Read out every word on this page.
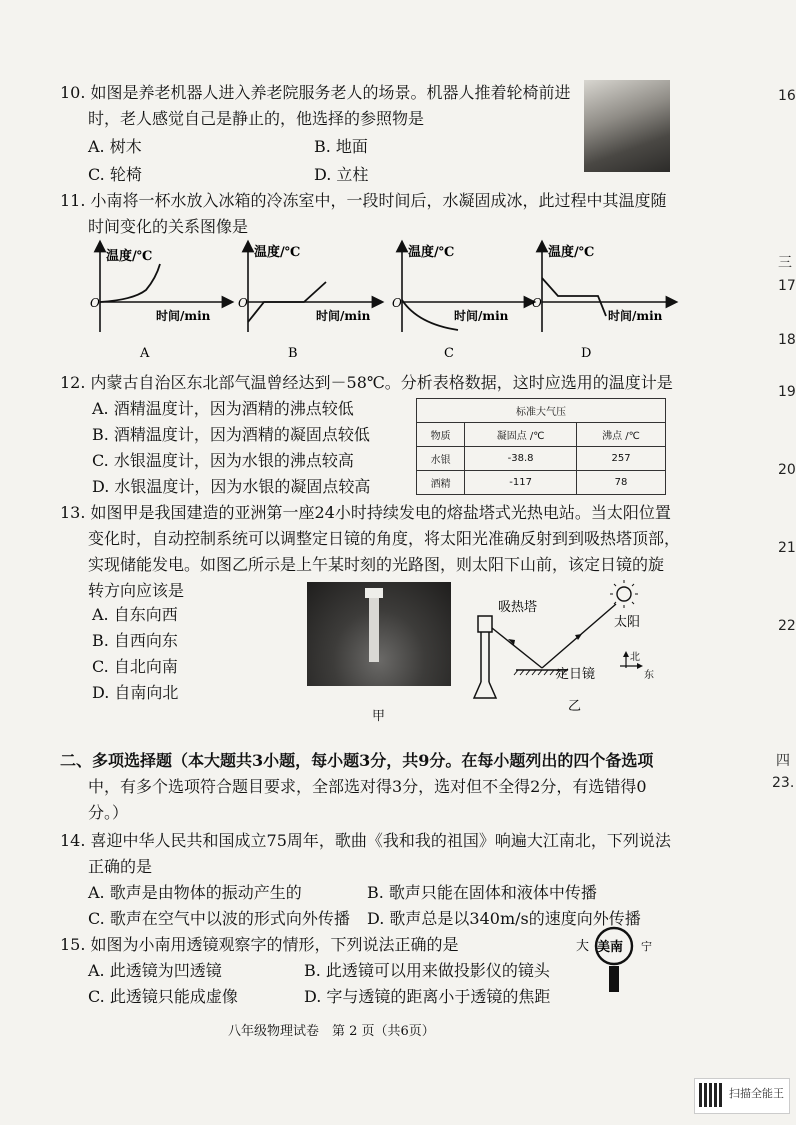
10. 如图是养老机器人进入养老院服务老人的场景。机器人推着轮椅前进
时，老人感觉自己是静止的，他选择的参照物是
A. 树木	B. 地面
C. 轮椅	D. 立柱
11. 小南将一杯水放入冰箱的冷冻室中，一段时间后，水凝固成冰，此过程中其温度随
时间变化的关系图像是
温度/℃
O
时间/min
A
温度/℃
O
时间/min
B
温度/℃
O
时间/min
C
温度/℃
O
时间/min
D
12. 内蒙古自治区东北部气温曾经达到－58℃。分析表格数据，这时应选用的温度计是
A. 酒精温度计，因为酒精的沸点较低
B. 酒精温度计，因为酒精的凝固点较低
C. 水银温度计，因为水银的沸点较高
D. 水银温度计，因为水银的凝固点较高
标准大气压		
物质	凝固点 /℃	沸点 /℃
水银	-38.8	257
酒精	-117	78
13. 如图甲是我国建造的亚洲第一座24小时持续发电的熔盐塔式光热电站。当太阳位置
变化时，自动控制系统可以调整定日镜的角度，将太阳光准确反射到到吸热塔顶部，
实现储能发电。如图乙所示是上午某时刻的光路图，则太阳下山前，该定日镜的旋
转方向应该是
A. 自东向西
B. 自西向东
C. 自北向南
D. 自南向北
甲
吸热塔
太阳
定日镜
北
东
乙
二、多项选择题（本大题共3小题，每小题3分，共9分。在每小题列出的四个备选项
中，有多个选项符合题目要求，全部选对得3分，选对但不全得2分，有选错得0
分。）
14. 喜迎中华人民共和国成立75周年，歌曲《我和我的祖国》响遍大江南北，下列说法
正确的是
A. 歌声是由物体的振动产生的	B. 歌声只能在固体和液体中传播
C. 歌声在空气中以波的形式向外传播 D. 歌声总是以340m/s的速度向外传播
15. 如图为小南用透镜观察字的情形，下列说法正确的是
A. 此透镜为凹透镜	B. 此透镜可以用来做投影仪的镜头
C. 此透镜只能成虚像	D. 字与透镜的距离小于透镜的焦距
大 美南 宁
八年级物理试卷　第 2 页（共6页）
16
三
17
18
19
20
21
22
四
23.
扫描全能王
